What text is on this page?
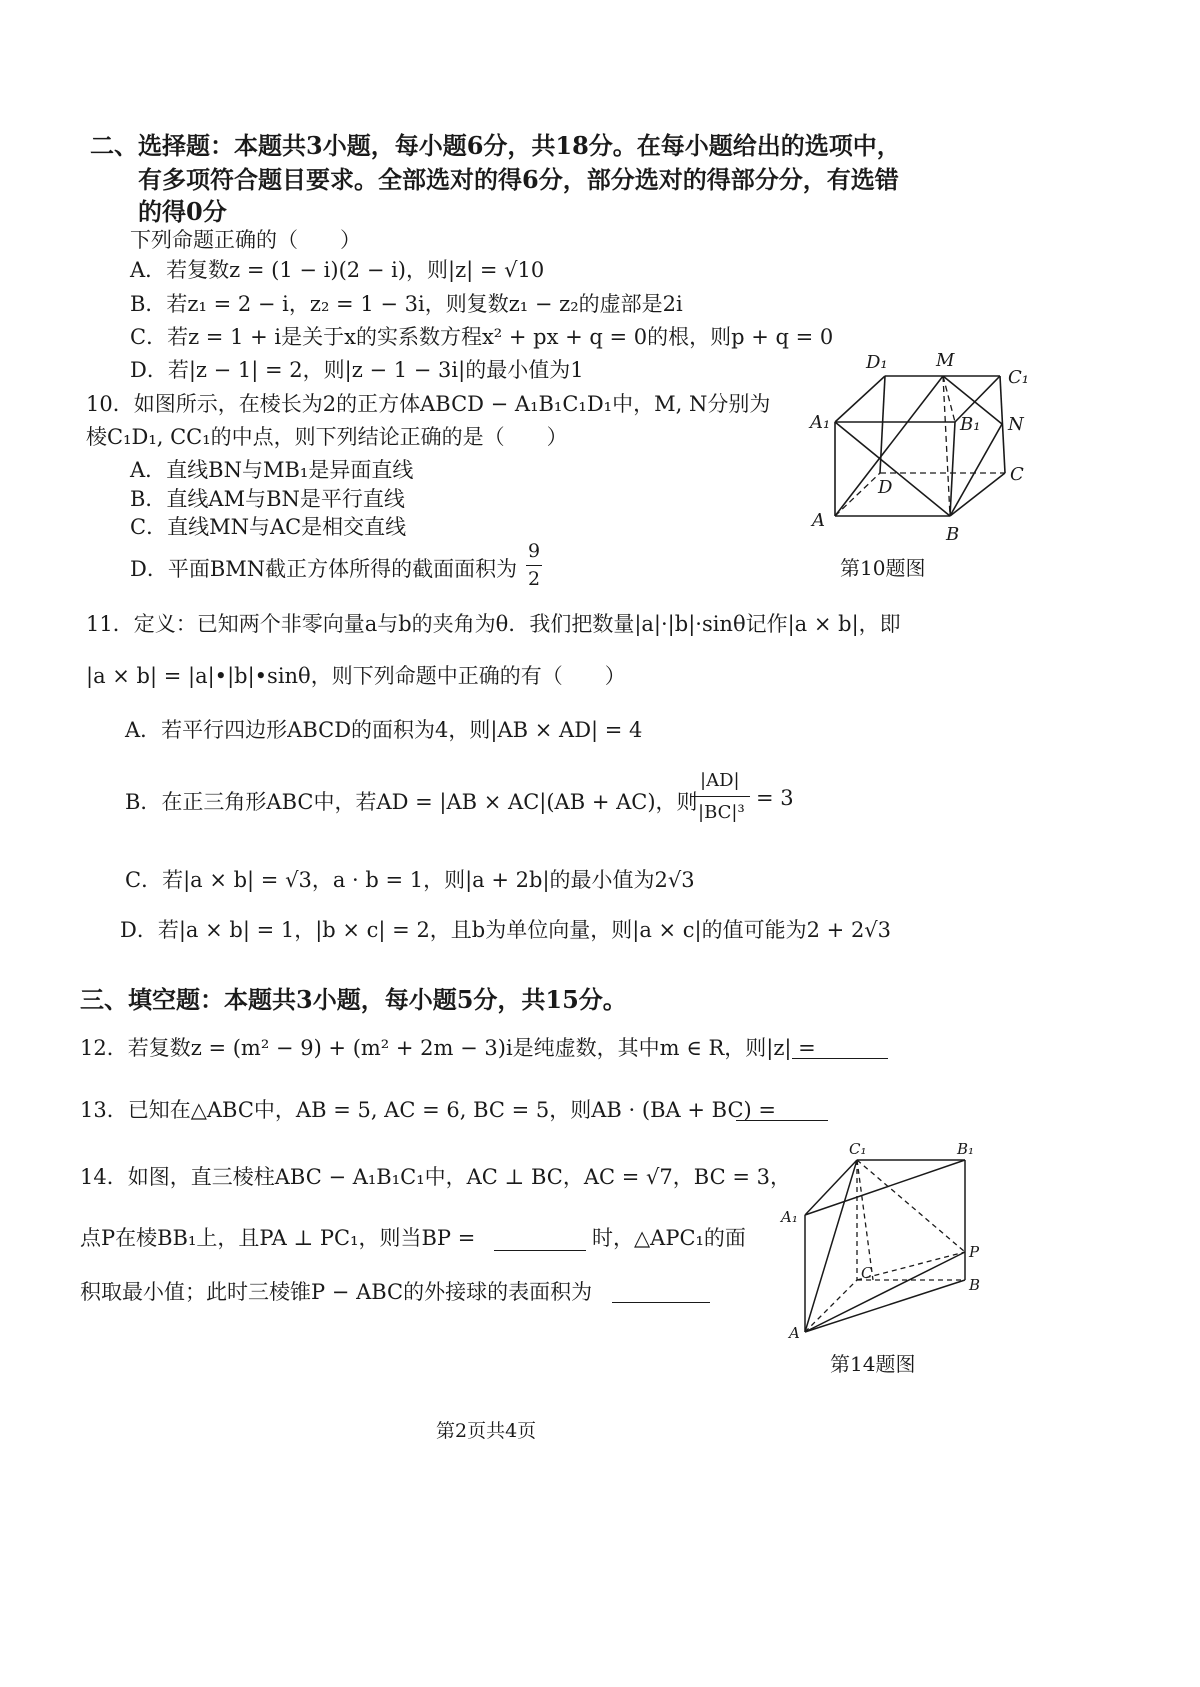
二、选择题：本题共3小题，每小题6分，共18分。在每小题给出的选项中，
有多项符合题目要求。全部选对的得6分，部分选对的得部分分，有选错
的得0分
下列命题正确的（　　）
A．若复数z = (1 − i)(2 − i)，则|z| = √10
B．若z₁ = 2 − i，z₂ = 1 − 3i，则复数z₁ − z₂的虚部是2i
C．若z = 1 + i是关于x的实系数方程x² + px + q = 0的根，则p + q = 0
D．若|z − 1| = 2，则|z − 1 − 3i|的最小值为1
10．如图所示，在棱长为2的正方体ABCD − A₁B₁C₁D₁中，M, N分别为
棱C₁D₁, CC₁的中点，则下列结论正确的是（　　）
A．直线BN与MB₁是异面直线
B．直线AM与BN是平行直线
C．直线MN与AC是相交直线
D．平面BMN截正方体所得的截面面积为
9
2
D₁	M
C₁
A₁	B₁ N
D
C
A
B
第10题图
11．定义：已知两个非零向量a与b的夹角为θ．我们把数量|a|·|b|·sinθ记作|a × b|，即
|a × b| = |a|•|b|•sinθ，则下列命题中正确的有（　　）
A．若平行四边形ABCD的面积为4，则|AB × AD| = 4
B．在正三角形ABC中，若AD = |AB × AC|(AB + AC)，则
|AD|
|BC|³
= 3
C．若|a × b| = √3，a · b = 1，则|a + 2b|的最小值为2√3
D．若|a × b| = 1，|b × c| = 2，且b为单位向量，则|a × c|的值可能为2 + 2√3
三、填空题：本题共3小题，每小题5分，共15分。
12．若复数z = (m² − 9) + (m² + 2m − 3)i是纯虚数，其中m ∈ R，则|z| =
13．已知在△ABC中，AB = 5, AC = 6, BC = 5，则AB · (BA + BC) =
14．如图，直三棱柱ABC − A₁B₁C₁中，AC ⊥ BC，AC = √7，BC = 3，
点P在棱BB₁上，且PA ⊥ PC₁，则当BP =	时，△APC₁的面
积取最小值；此时三棱锥P − ABC的外接球的表面积为
C₁	B₁
A₁
P
C
B
A
第14题图
第2页共4页
